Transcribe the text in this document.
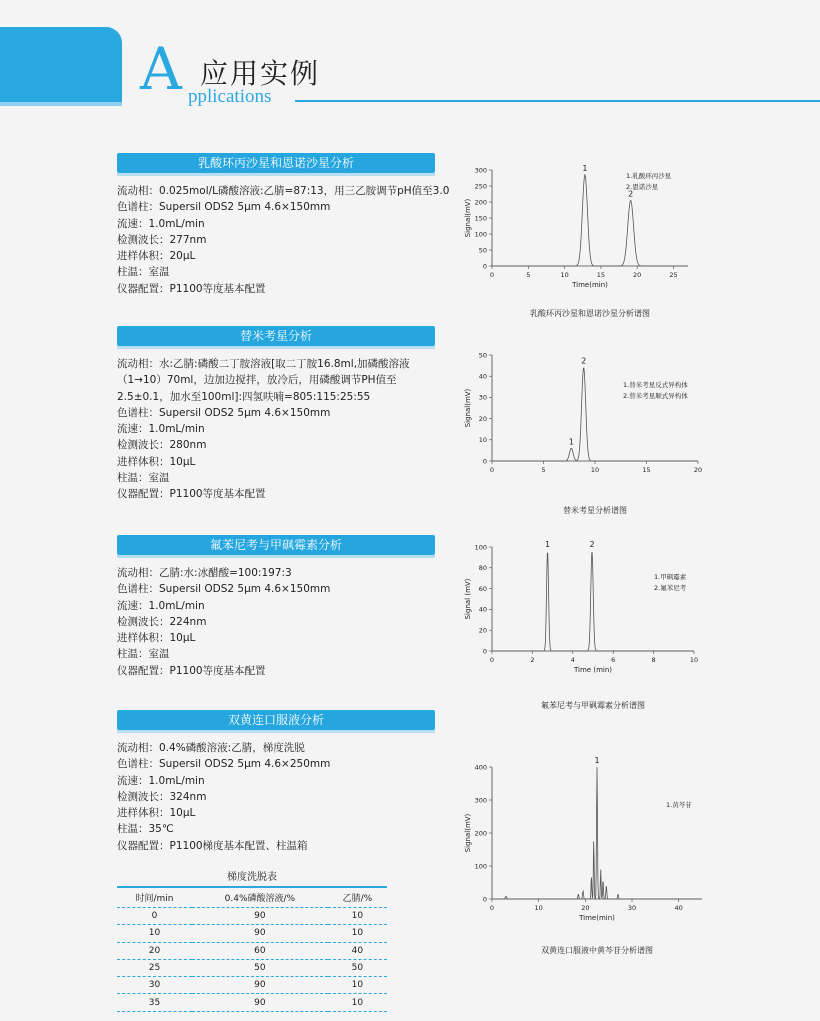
A 应用实例
pplications
乳酸环丙沙星和恩诺沙星分析
流动相：0.025mol/L磷酸溶液:乙腈=87:13，用三乙胺调节pH值至3.0
色谱柱：Supersil ODS2 5μm 4.6×150mm
流速：1.0mL/min
检测波长：277nm
进样体积：20μL
柱温：室温
仪器配置：P1100等度基本配置
替米考星分析
流动相：水:乙腈:磷酸二丁胺溶液[取二丁胺16.8ml,加磷酸溶液（1→10）70ml，边加边搅拌，放冷后，用磷酸调节PH值至2.5±0.1，加水至100ml]:四氢呋喃=805:115:25:55
色谱柱：Supersil ODS2 5μm 4.6×150mm
流速：1.0mL/min
检测波长：280nm
进样体积：10μL
柱温：室温
仪器配置：P1100等度基本配置
氟苯尼考与甲砜霉素分析
流动相：乙腈:水:冰醋酸=100:197:3
色谱柱：Supersil ODS2 5μm 4.6×150mm
流速：1.0mL/min
检测波长：224nm
进样体积：10μL
柱温：室温
仪器配置：P1100等度基本配置
双黄连口服液分析
流动相：0.4%磷酸溶液:乙腈，梯度洗脱
色谱柱：Supersil ODS2 5μm 4.6×250mm
流速：1.0mL/min
检测波长：324nm
进样体积：10μL
柱温：35℃
仪器配置：P1100梯度基本配置、柱温箱
梯度洗脱表
时间/min	0.4%磷酸溶液/%	乙腈/%
0	90	10
10	90	10
20	60	40
25	50	50
30	90	10
35	90	10
0	5	10	15	20	25
0
50
100
150
200
250
300
Time(min)
Signal(mV)
1
2
1.乳酸环丙沙星
2.恩诺沙星
乳酸环丙沙星和恩诺沙星分析谱图
0	5	10	15	20
0
10
20
30
40
50
Signal(mV)
1
2
1.替米考星反式异构体
2.替米考星顺式异构体
替米考星分析谱图
0	2	4	6	8	10
0
20
40
60
80
100
Time (min)
Signal (mV)
1	2
1.甲砜霉素
2.氟苯尼考
氟苯尼考与甲砜霉素分析谱图
0	10	20	30	40
0
100
200
300
400
Time(min)
Signal(mV)
1
1.黄芩苷
双黄连口服液中黄芩苷分析谱图
